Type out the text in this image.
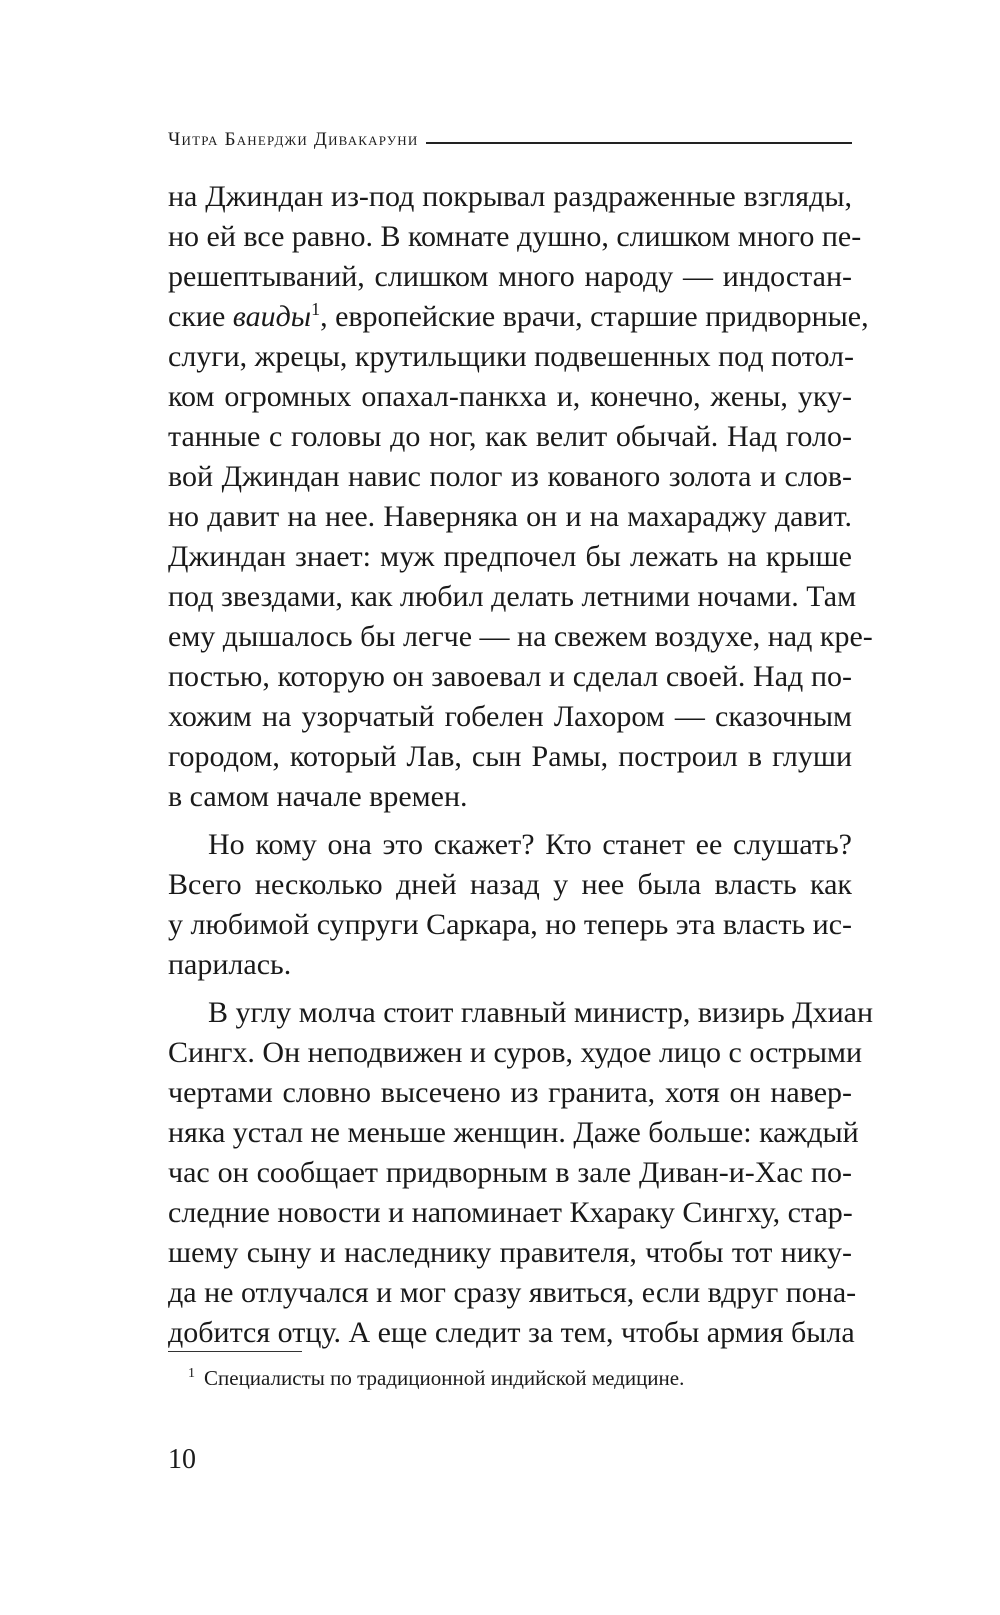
Читра Банерджи Дивакаруни
на Джиндан из-под покрывал раздраженные взгляды,
но ей все равно. В комнате душно, слишком много пе-
решептываний, слишком много народу — индостан-
ские ваиды$^1$, европейские врачи, старшие придворные,
слуги, жрецы, крутильщики подвешенных под потол-
ком огромных опахал-панкха и, конечно, жены, уку-
танные с головы до ног, как велит обычай. Над голо-
вой Джиндан навис полог из кованого золота и слов-
но давит на нее. Наверняка он и на махараджу давит.
Джиндан знает: муж предпочел бы лежать на крыше
под звездами, как любил делать летними ночами. Там
ему дышалось бы легче — на свежем воздухе, над кре-
постью, которую он завоевал и сделал своей. Над по-
хожим на узорчатый гобелен Лахором — сказочным
городом, который Лав, сын Рамы, построил в глуши
в самом начале времен.
Но кому она это скажет? Кто станет ее слушать?
Всего несколько дней назад у нее была власть как
у любимой супруги Саркара, но теперь эта власть ис-
парилась.
В углу молча стоит главный министр, визирь Дхиан
Сингх. Он неподвижен и суров, худое лицо с острыми
чертами словно высечено из гранита, хотя он навер-
няка устал не меньше женщин. Даже больше: каждый
час он сообщает придворным в зале Диван-и-Хас по-
следние новости и напоминает Кхараку Сингху, стар-
шему сыну и наследнику правителя, чтобы тот нику-
да не отлучался и мог сразу явиться, если вдруг пона-
добится отцу. А еще следит за тем, чтобы армия была
$^1$ Специалисты по традиционной индийской медицине.
10
